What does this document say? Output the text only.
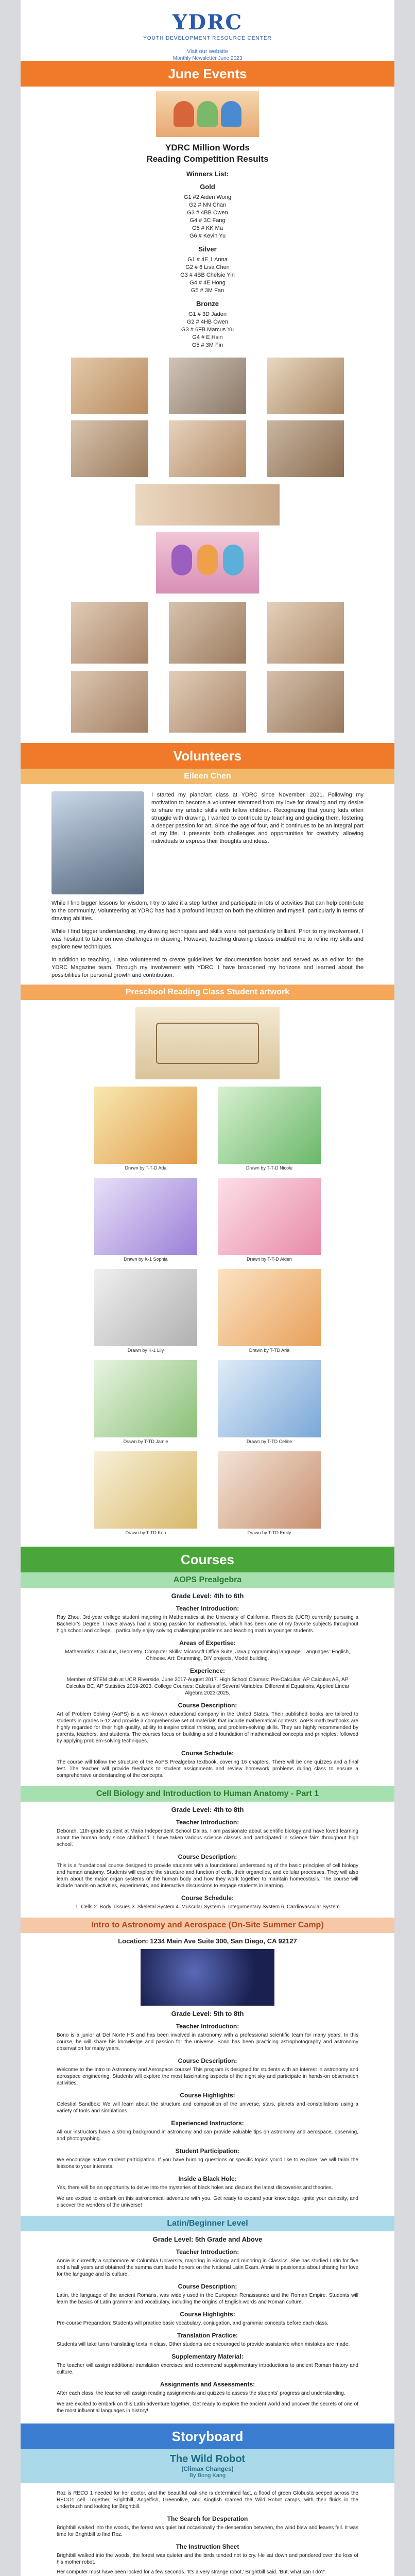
YDRC
YOUTH DEVELOPMENT RESOURCE CENTER
Visit our website
Monthly Newsletter June 2023
June Events
YDRC Million Words
Reading Competition Results
Winners List:
Gold
G1 #2 Aiden Wong
G2 # NN Chan
G3 # 4BB Owen
G4 # 3C Fang
G5 # KK Ma
G6 # Kevin Yu
Silver
G1 # 4E 1 Anna
G2 # 6 Lisa Chen
G3 # 4BB Chelsie Yin
G4 # 4E Hong
G5 # 3M Fan
Bronze
G1 # 3D Jaden
G2 # 4HB Owen
G3 # 6FB Marcus Yu
G4 # E Hsin
G5 # 3M Fin
Volunteers
Eileen Chen
I started my piano/art class at YDRC since November, 2021. Following my motivation to become a volunteer stemmed from my love for drawing and my desire to share my artistic skills with fellow children. Recognizing that young kids often struggle with drawing, I wanted to contribute by teaching and guiding them, fostering a deeper passion for art. Since the age of four, and it continues to be an integral part of my life. It presents both challenges and opportunities for creativity, allowing individuals to express their thoughts and ideas.

While I find bigger lessons for wisdom, I try to take it a step further and participate in lots of activities that can help contribute to the community. Volunteering at YDRC has had a profound impact on both the children and myself, particularly in terms of drawing abilities.

While I find bigger understanding, my drawing techniques and skills were not particularly brilliant. Prior to my involvement, I was hesitant to take on new challenges in drawing. However, teaching drawing classes enabled me to refine my skills and explore new techniques.

In addition to teaching, I also volunteered to create guidelines for documentation books and served as an editor for the YDRC Magazine team. Through my involvement with YDRC, I have broadened my horizons and learned about the possibilities for personal growth and contribution.

Preschool Reading Class Student artwork
Drawn by T-T-D Ada	Drawn by T-T-D Nicole
Drawn by K-1 Sophia	Drawn by T-T-D Aiden
Drawn by K-1 Lily	Drawn by T-TD Aria
Drawn by T-TD Jamie	Drawn by T-TD Celine
Drawn by T-TD Ken	Drawn by T-TD Emily
Courses
AOPS Prealgebra
Grade Level: 4th to 6th
Teacher Introduction:
Ray Zhou, 3rd-year college student majoring in Mathematics at the University of California, Riverside (UCR) currently pursuing a Bachelor's Degree. I have always had a strong passion for mathematics, which has been one of my favorite subjects throughout high school and college. I particularly enjoy solving challenging problems and teaching math to younger students.
Areas of Expertise:
Mathematics: Calculus, Geometry. Computer Skills: Microsoft Office Suite, Java programming language. Languages: English, Chinese. Art: Drumming, DIY projects, Model building.
Experience:
Member of STEM club at UCR Riverside, June 2017-August 2017. High School Courses: Pre-Calculus, AP Calculus AB, AP Calculus BC, AP Statistics 2019-2023. College Courses: Calculus of Several Variables, Differential Equations, Applied Linear Algebra 2023-2025.
Course Description:
Art of Problem Solving (AoPS) is a well-known educational company in the United States. Their published books are tailored to students in grades 5-12 and provide a comprehensive set of materials that include mathematical contests. AoPS math textbooks are highly regarded for their high quality, ability to inspire critical thinking, and problem-solving skills. They are highly recommended by parents, teachers, and students. The courses focus on building a solid foundation of mathematical concepts and principles, followed by applying problem-solving techniques.
Course Schedule:
The course will follow the structure of the AoPS Prealgebra textbook, covering 16 chapters. There will be one quizzes and a final test. The teacher will provide feedback to student assignments and review homework problems during class to ensure a comprehensive understanding of the concepts.
Cell Biology and Introduction to Human Anatomy - Part 1
Grade Level: 4th to 8th
Teacher Introduction:
Deborah, 11th-grade student at Maria Independent School Dallas. I am passionate about scientific biology and have loved learning about the human body since childhood. I have taken various science classes and participated in science fairs throughout high school.
Course Description:
This is a foundational course designed to provide students with a foundational understanding of the basic principles of cell biology and human anatomy. Students will explore the structure and function of cells, their organelles, and cellular processes. They will also learn about the major organ systems of the human body and how they work together to maintain homeostasis. The course will include hands-on activities, experiments, and interactive discussions to engage students in learning.
Course Schedule:
1. Cells 2. Body Tissues 3. Skeletal System 4. Muscular System 5. Integumentary System 6. Cardiovascular System
Intro to Astronomy and Aerospace (On-Site Summer Camp)
Location: 1234 Main Ave Suite 300, San Diego, CA 92127
Grade Level: 5th to 8th
Teacher Introduction:
Bono is a junior at Del Norte HS and has been involved in astronomy with a professional scientific team for many years. In this course, he will share his knowledge and passion for the universe. Bono has been practicing astrophotography and astronomy observation for many years.
Course Description:
Welcome to the Intro to Astronomy and Aerospace course! This program is designed for students with an interest in astronomy and aerospace engineering. Students will explore the most fascinating aspects of the night sky and participate in hands-on observation activities.
Course Highlights:
Celestial Sandbox: We will learn about the structure and composition of the universe, stars, planets and constellations using a variety of tools and simulations.
Experienced Instructors:
All our instructors have a strong background in astronomy and can provide valuable tips on astronomy and aerospace, observing, and photographing.
Student Participation:
We encourage active student participation. If you have burning questions or specific topics you'd like to explore, we will tailor the lessons to your interests.
Inside a Black Hole:
Yes, there will be an opportunity to delve into the mysteries of black holes and discuss the latest discoveries and theories.
We are excited to embark on this astronomical adventure with you. Get ready to expand your knowledge, ignite your curiosity, and discover the wonders of the universe!
Latin/Beginner Level
Grade Level: 5th Grade and Above
Teacher Introduction:
Annie is currently a sophomore at Columbia University, majoring in Biology and minoring in Classics. She has studied Latin for five and a half years and obtained the summa cum laude honors on the National Latin Exam. Annie is passionate about sharing her love for the language and its culture.
Course Description:
Latin, the language of the ancient Romans, was widely used in the European Renaissance and the Roman Empire. Students will learn the basics of Latin grammar and vocabulary, including the origins of English words and Roman culture.
Course Highlights:
Pre-course Preparation: Students will practice basic vocabulary, conjugation, and grammar concepts before each class.
Translation Practice:
Students will take turns translating texts in class. Other students are encouraged to provide assistance when mistakes are made.
Supplementary Material:
The teacher will assign additional translation exercises and recommend supplementary introductions to ancient Roman history and culture.
Assignments and Assessments:
After each class, the teacher will assign reading assignments and quizzes to assess the students' progress and understanding.
We are excited to embark on this Latin adventure together. Get ready to explore the ancient world and uncover the secrets of one of the most influential languages in history!
Storyboard
The Wild Robot
(Climax Changes)
By Bong Kang
Roz is RECO 1 needed for her doctor, and the beautiful oak she is determined fact, a flood of green Globusta seeped across the RECO1 cell. Together, Brightbill, Angelfish, Greenolive, and Kingfish roamed the Wild Robot camps, with their fluids in the underbrush and looking for Brightbill.
The Search for Desperation
Brightbill walked into the woods, the forest was quiet but occasionally the desperation between, the wind blew and leaves fell. It was time for Brightbill to find Roz.
The Instruction Sheet
Brightbill walked into the woods, the forest was quieter and the birds tended not to cry. He sat down and pondered over the loss of his mother robot.
Her computer must have been locked for a few seconds. 'It's a very strange robot,' Brightbill said. 'But, what can I do?'
